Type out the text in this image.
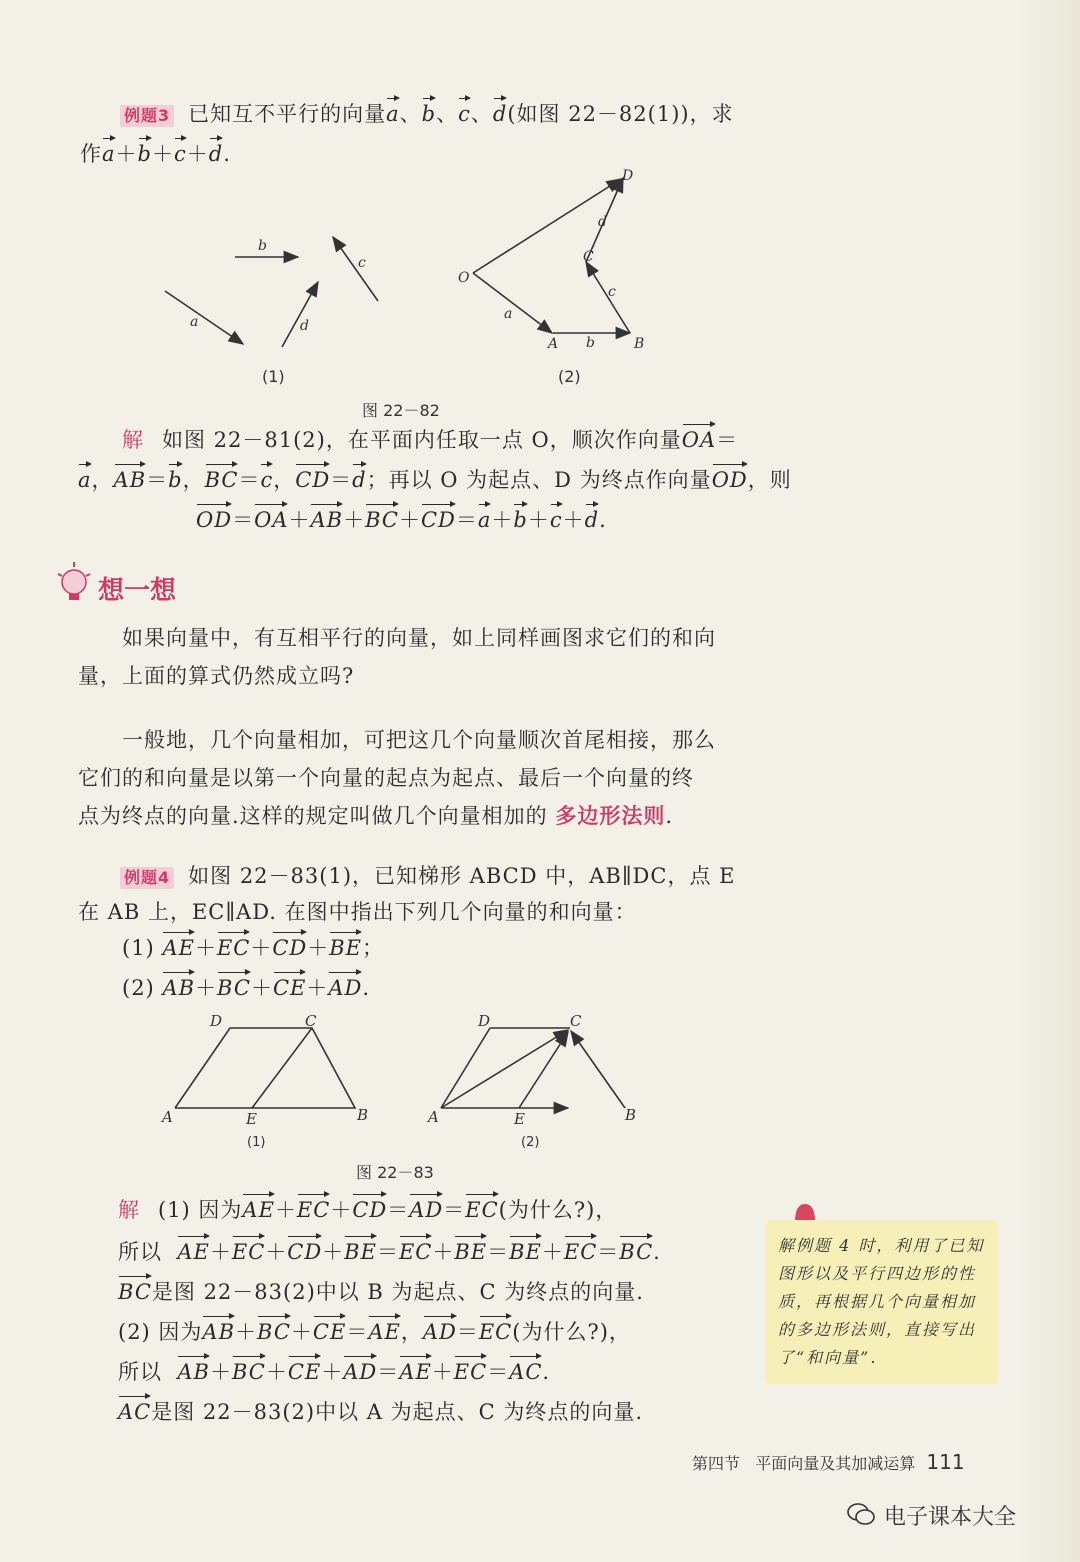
例题3 已知互不平行的向量a、b、c、d(如图 22－82(1))，求
作a＋b＋c＋d.
a
b
c
d
O
A	B
C
D
a
b
c
d
(1)	(2)
图 22－82
解 如图 22－81(2)，在平面内任取一点 O，顺次作向量OA＝
a，AB＝b，BC＝c，CD＝d；再以 O 为起点、D 为终点作向量OD，则
OD＝OA＋AB＋BC＋CD＝a＋b＋c＋d.
想一想
如果向量中，有互相平行的向量，如上同样画图求它们的和向
量，上面的算式仍然成立吗?
一般地，几个向量相加，可把这几个向量顺次首尾相接，那么
它们的和向量是以第一个向量的起点为起点、最后一个向量的终
点为终点的向量.这样的规定叫做几个向量相加的 多边形法则.
例题4 如图 22－83(1)，已知梯形 ABCD 中，AB∥DC，点 E
在 AB 上，EC∥AD. 在图中指出下列几个向量的和向量：
(1) AE＋EC＋CD＋BE；
(2) AB＋BC＋CE＋AD.
A
D	C
B
E	A
D	C
B
E
(1)	(2)
图 22－83
解 (1) 因为AE＋EC＋CD＝AD＝EC(为什么?)，
所以 AE＋EC＋CD＋BE＝EC＋BE＝BE＋EC＝BC.
BC是图 22－83(2)中以 B 为起点、C 为终点的向量.
(2) 因为AB＋BC＋CE＝AE，AD＝EC(为什么?)，
所以 AB＋BC＋CE＋AD＝AE＋EC＝AC.
AC是图 22－83(2)中以 A 为起点、C 为终点的向量.
解例题 4 时，利用了已知图形以及平行四边形的性质，再根据几个向量相加的多边形法则，直接写出了“和向量”.
第四节 平面向量及其加减运算 111
电子课本大全
